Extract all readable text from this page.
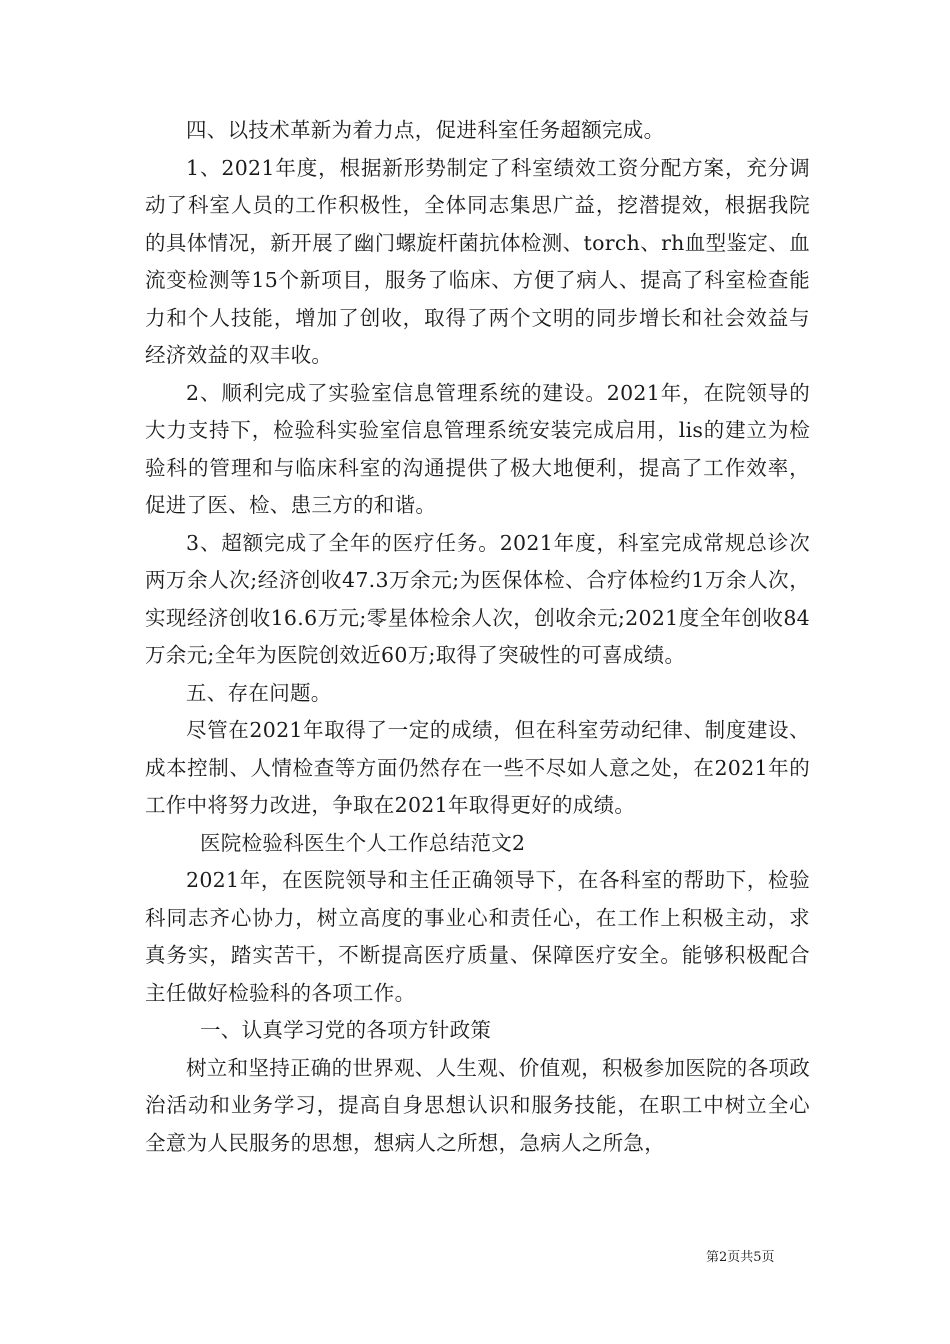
四、以技术革新为着力点，促进科室任务超额完成。

1、2021年度，根据新形势制定了科室绩效工资分配方案，充分调动了科室人员的工作积极性，全体同志集思广益，挖潜提效，根据我院的具体情况，新开展了幽门螺旋杆菌抗体检测、torch、rh血型鉴定、血流变检测等15个新项目，服务了临床、方便了病人、提高了科室检查能力和个人技能，增加了创收，取得了两个文明的同步增长和社会效益与经济效益的双丰收。

2、顺利完成了实验室信息管理系统的建设。2021年，在院领导的大力支持下，检验科实验室信息管理系统安装完成启用，lis的建立为检验科的管理和与临床科室的沟通提供了极大地便利，提高了工作效率，促进了医、检、患三方的和谐。

3、超额完成了全年的医疗任务。2021年度，科室完成常规总诊次两万余人次;经济创收47.3万余元;为医保体检、合疗体检约1万余人次，实现经济创收16.6万元;零星体检余人次，创收余元;2021度全年创收84万余元;全年为医院创效近60万;取得了突破性的可喜成绩。

五、存在问题。

尽管在2021年取得了一定的成绩，但在科室劳动纪律、制度建设、成本控制、人情检查等方面仍然存在一些不尽如人意之处，在2021年的工作中将努力改进，争取在2021年取得更好的成绩。

医院检验科医生个人工作总结范文2

2021年，在医院领导和主任正确领导下，在各科室的帮助下，检验科同志齐心协力，树立高度的事业心和责任心，在工作上积极主动，求真务实，踏实苦干，不断提高医疗质量、保障医疗安全。能够积极配合主任做好检验科的各项工作。

一、认真学习党的各项方针政策

树立和坚持正确的世界观、人生观、价值观，积极参加医院的各项政治活动和业务学习，提高自身思想认识和服务技能，在职工中树立全心全意为人民服务的思想，想病人之所想，急病人之所急，

第2页共5页
